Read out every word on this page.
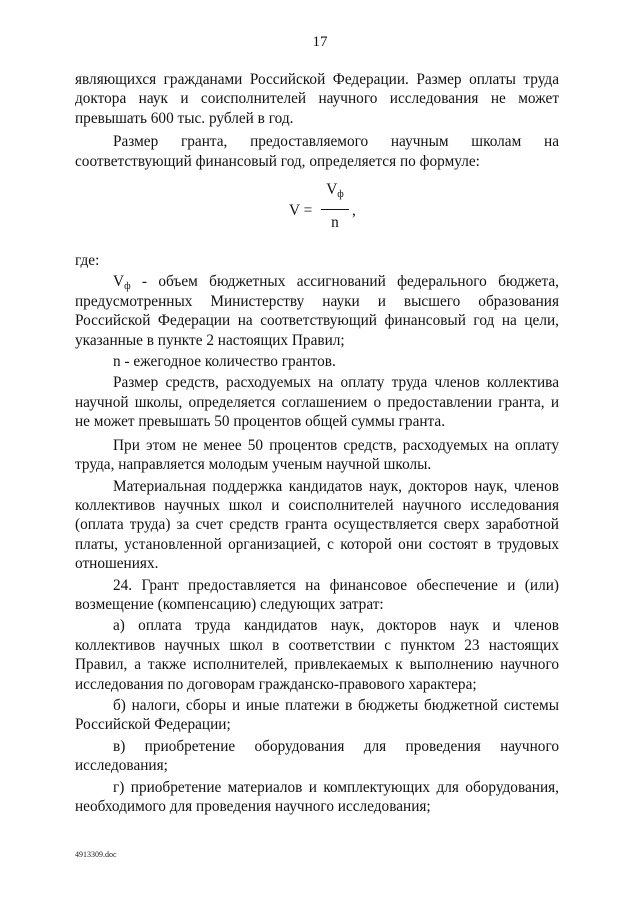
17

являющихся гражданами Российской Федерации. Размер оплаты труда доктора наук и соисполнителей научного исследования не может превышать 600 тыс. рублей в год.

Размер гранта, предоставляемого научным школам на соответствующий финансовый год, определяется по формуле:

V =
$V_ф$
n
,

где:

$V_ф$ - объем бюджетных ассигнований федерального бюджета, предусмотренных Министерству науки и высшего образования Российской Федерации на соответствующий финансовый год на цели, указанные в пункте 2 настоящих Правил;

n - ежегодное количество грантов.

Размер средств, расходуемых на оплату труда членов коллектива научной школы, определяется соглашением о предоставлении гранта, и не может превышать 50 процентов общей суммы гранта.

При этом не менее 50 процентов средств, расходуемых на оплату труда, направляется молодым ученым научной школы.

Материальная поддержка кандидатов наук, докторов наук, членов коллективов научных школ и соисполнителей научного исследования (оплата труда) за счет средств гранта осуществляется сверх заработной платы, установленной организацией, с которой они состоят в трудовых отношениях.

24. Грант предоставляется на финансовое обеспечение и (или) возмещение (компенсацию) следующих затрат:

а) оплата труда кандидатов наук, докторов наук и членов коллективов научных школ в соответствии с пунктом 23 настоящих Правил, а также исполнителей, привлекаемых к выполнению научного исследования по договорам гражданско-правового характера;

б) налоги, сборы и иные платежи в бюджеты бюджетной системы Российской Федерации;

в) приобретение оборудования для проведения научного исследования;

г) приобретение материалов и комплектующих для оборудования, необходимого для проведения научного исследования;

4913309.doc
